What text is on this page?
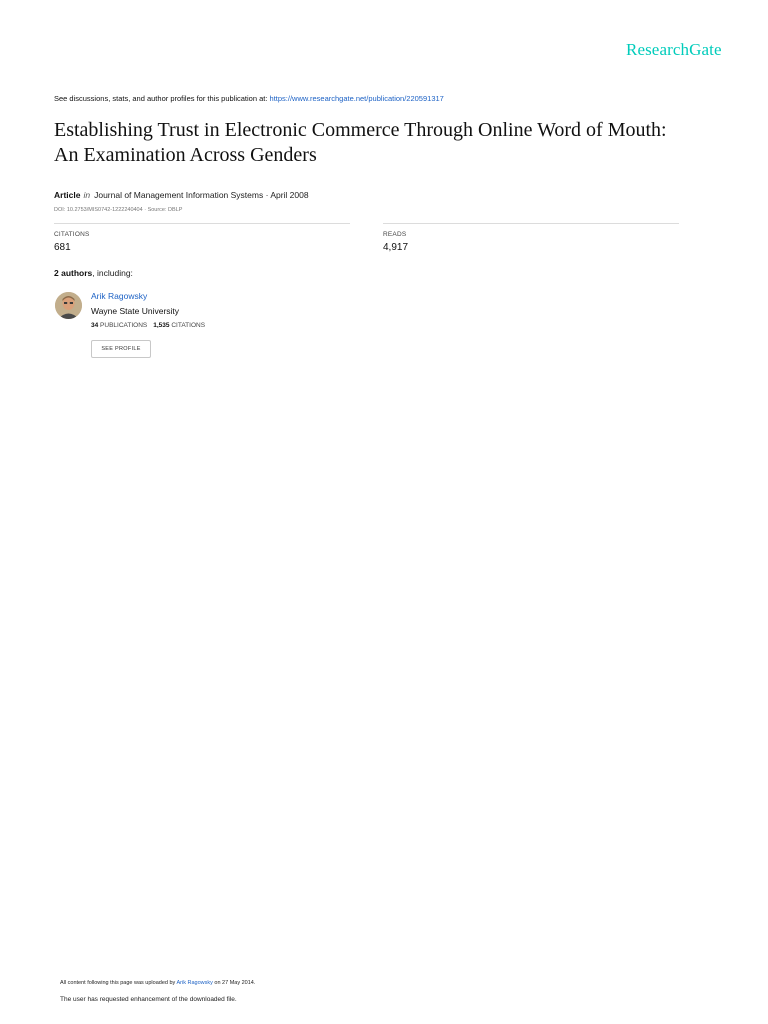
ResearchGate
See discussions, stats, and author profiles for this publication at: https://www.researchgate.net/publication/220591317
Establishing Trust in Electronic Commerce Through Online Word of Mouth: An Examination Across Genders
Article in Journal of Management Information Systems · April 2008
DOI: 10.2753/MIS0742-1222240404 · Source: DBLP
CITATIONS
681
READS
4,917
2 authors, including:
Arik Ragowsky
Wayne State University
34 PUBLICATIONS 1,535 CITATIONS
SEE PROFILE
All content following this page was uploaded by Arik Ragowsky on 27 May 2014.
The user has requested enhancement of the downloaded file.
